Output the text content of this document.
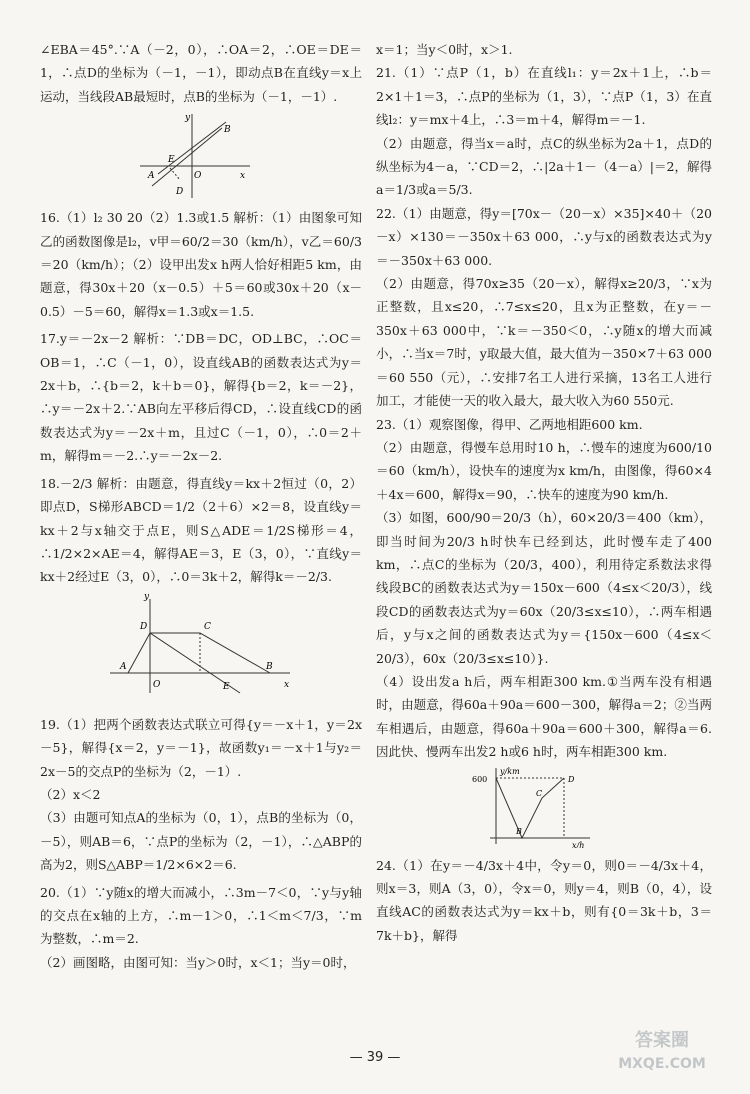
∠EBA＝45°.∵A（－2，0），∴OA＝2，∴OE＝DE＝1，∴点D的坐标为（－1，－1），即动点B在直线y＝x上运动，当线段AB最短时，点B的坐标为（－1，－1）.

y
x
B
A	O
D
E

16.（1）l₂ 30 20（2）1.3或1.5 解析：（1）由图象可知乙的函数图像是l₂，v甲＝60/2＝30（km/h），v乙＝60/3＝20（km/h）；（2）设甲出发x h两人恰好相距5 km，由题意，得30x＋20（x－0.5）＋5＝60或30x＋20（x－0.5）－5＝60，解得x＝1.3或x＝1.5.

17.y＝－2x－2 解析：∵DB＝DC，OD⊥BC，∴OC＝OB＝1，∴C（－1，0），设直线AB的函数表达式为y＝2x＋b，∴{b＝2，k＋b＝0}，解得{b＝2，k＝－2}，∴y＝－2x＋2.∵AB向左平移后得CD，∴设直线CD的函数表达式为y＝－2x＋m，且过C（－1，0），∴0＝2＋m，解得m＝－2.∴y＝－2x－2.

18.－2/3 解析：由题意，得直线y＝kx＋2恒过（0，2）即点D，S梯形ABCD＝1/2（2＋6）×2＝8，设直线y＝kx＋2与x轴交于点E，则S△ADE＝1/2S梯形＝4，∴1/2×2×AE＝4，解得AE＝3，E（3，0），∵直线y＝kx＋2经过E（3，0），∴0＝3k＋2，解得k＝－2/3.

y
x
D	C
A	B
E
O

19.（1）把两个函数表达式联立可得{y＝－x＋1，y＝2x－5}，解得{x＝2，y＝－1}，故函数y₁＝－x＋1与y₂＝2x－5的交点P的坐标为（2，－1）.

（2）x＜2

（3）由题可知点A的坐标为（0，1），点B的坐标为（0，－5），则AB＝6，∵点P的坐标为（2，－1），∴△ABP的高为2，则S△ABP＝1/2×6×2＝6.

20.（1）∵y随x的增大而减小，∴3m－7＜0，∵y与y轴的交点在x轴的上方，∴m－1＞0，∴1＜m＜7/3，∵m为整数，∴m＝2.

（2）画图略，由图可知：当y＞0时，x＜1；当y＝0时，

x＝1；当y＜0时，x＞1.

21.（1）∵点P（1，b）在直线l₁：y＝2x＋1上，∴b＝2×1＋1＝3，∴点P的坐标为（1，3），∵点P（1，3）在直线l₂：y＝mx＋4上，∴3＝m＋4，解得m＝－1.

（2）由题意，得当x＝a时，点C的纵坐标为2a＋1，点D的纵坐标为4－a，∵CD＝2，∴|2a＋1－（4－a）|＝2，解得a＝1/3或a＝5/3.

22.（1）由题意，得y＝[70x－（20－x）×35]×40＋（20－x）×130＝－350x＋63 000，∴y与x的函数表达式为y＝－350x＋63 000.

（2）由题意，得70x≥35（20－x），解得x≥20/3，∵x为正整数，且x≤20，∴7≤x≤20，且x为正整数，在y＝－350x＋63 000中，∵k＝－350＜0，∴y随x的增大而减小，∴当x＝7时，y取最大值，最大值为－350×7＋63 000＝60 550（元），∴安排7名工人进行采摘，13名工人进行加工，才能使一天的收入最大，最大收入为60 550元.

23.（1）观察图像，得甲、乙两地相距600 km.

（2）由题意，得慢车总用时10 h，∴慢车的速度为600/10＝60（km/h），设快车的速度为x km/h，由图像，得60×4＋4x＝600，解得x＝90，∴快车的速度为90 km/h.

（3）如图，600/90＝20/3（h），60×20/3＝400（km），即当时间为20/3 h时快车已经到达，此时慢车走了400 km，∴点C的坐标为（20/3，400），利用待定系数法求得线段BC的函数表达式为y＝150x－600（4≤x＜20/3），线段CD的函数表达式为y＝60x（20/3≤x≤10），∴两车相遇后，y与x之间的函数表达式为y＝{150x－600（4≤x＜20/3），60x（20/3≤x≤10）}.

（4）设出发a h后，两车相距300 km.①当两车没有相遇时，由题意，得60a＋90a＝600－300，解得a＝2；②当两车相遇后，由题意，得60a＋90a＝600＋300，解得a＝6.因此快、慢两车出发2 h或6 h时，两车相距300 km.

600
y/km
x/h
D
C
B

24.（1）在y＝－4/3x＋4中，令y＝0，则0＝－4/3x＋4，则x＝3，则A（3，0），令x＝0，则y＝4，则B（0，4），设直线AC的函数表达式为y＝kx＋b，则有{0＝3k＋b，3＝7k＋b}，解得

— 39 —
答案圈
MXQE.COM
